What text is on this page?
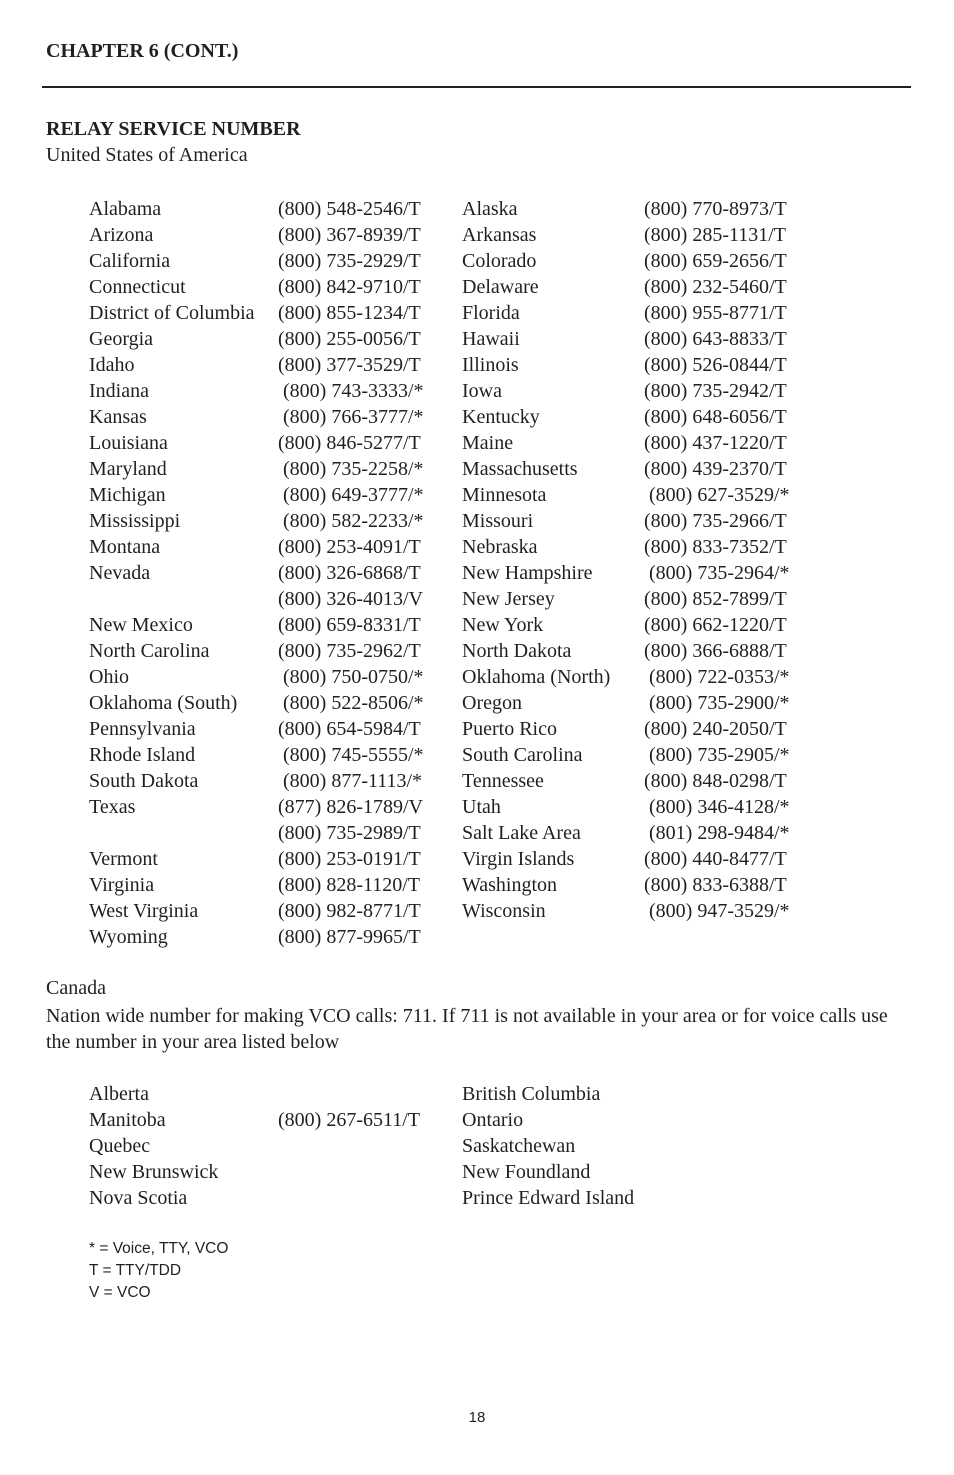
CHAPTER 6 (CONT.)
RELAY SERVICE NUMBER
United States of America
Alabama	(800) 548-2546/T Alaska	(800) 770-8973/T
Arizona	(800) 367-8939/T Arkansas	(800) 285-1131/T
California	(800) 735-2929/T Colorado	(800) 659-2656/T
Connecticut	(800) 842-9710/T Delaware	(800) 232-5460/T
District of Columbia (800) 855-1234/T Florida	(800) 955-8771/T
Georgia	(800) 255-0056/T Hawaii	(800) 643-8833/T
Idaho	(800) 377-3529/T Illinois	(800) 526-0844/T
Indiana	(800) 743-3333/* Iowa	(800) 735-2942/T
Kansas	(800) 766-3777/* Kentucky	(800) 648-6056/T
Louisiana	(800) 846-5277/T Maine	(800) 437-1220/T
Maryland	(800) 735-2258/* Massachusetts	(800) 439-2370/T
Michigan	(800) 649-3777/* Minnesota	(800) 627-3529/*
Mississippi	(800) 582-2233/* Missouri	(800) 735-2966/T
Montana	(800) 253-4091/T Nebraska	(800) 833-7352/T
Nevada	(800) 326-6868/T New Hampshire	(800) 735-2964/*
(800) 326-4013/V New Jersey	(800) 852-7899/T
New Mexico	(800) 659-8331/T New York	(800) 662-1220/T
North Carolina	(800) 735-2962/T North Dakota	(800) 366-6888/T
Ohio	(800) 750-0750/* Oklahoma (North) (800) 722-0353/*
Oklahoma (South) (800) 522-8506/* Oregon	(800) 735-2900/*
Pennsylvania	(800) 654-5984/T Puerto Rico	(800) 240-2050/T
Rhode Island	(800) 745-5555/* South Carolina	(800) 735-2905/*
South Dakota	(800) 877-1113/* Tennessee	(800) 848-0298/T
Texas	(877) 826-1789/V Utah	(800) 346-4128/*
(800) 735-2989/T Salt Lake Area	(801) 298-9484/*
Vermont	(800) 253-0191/T Virgin Islands	(800) 440-8477/T
Virginia	(800) 828-1120/T Washington	(800) 833-6388/T
West Virginia	(800) 982-8771/T Wisconsin	(800) 947-3529/*
Wyoming	(800) 877-9965/T
Canada
Nation wide number for making VCO calls: 711. If 711 is not available in your area or for voice calls use the number in your area listed below
Alberta	British Columbia
Manitoba	(800) 267-6511/T Ontario
Quebec	Saskatchewan
New Brunswick	New Foundland
Nova Scotia	Prince Edward Island
* = Voice, TTY, VCO
T = TTY/TDD
V = VCO
18
